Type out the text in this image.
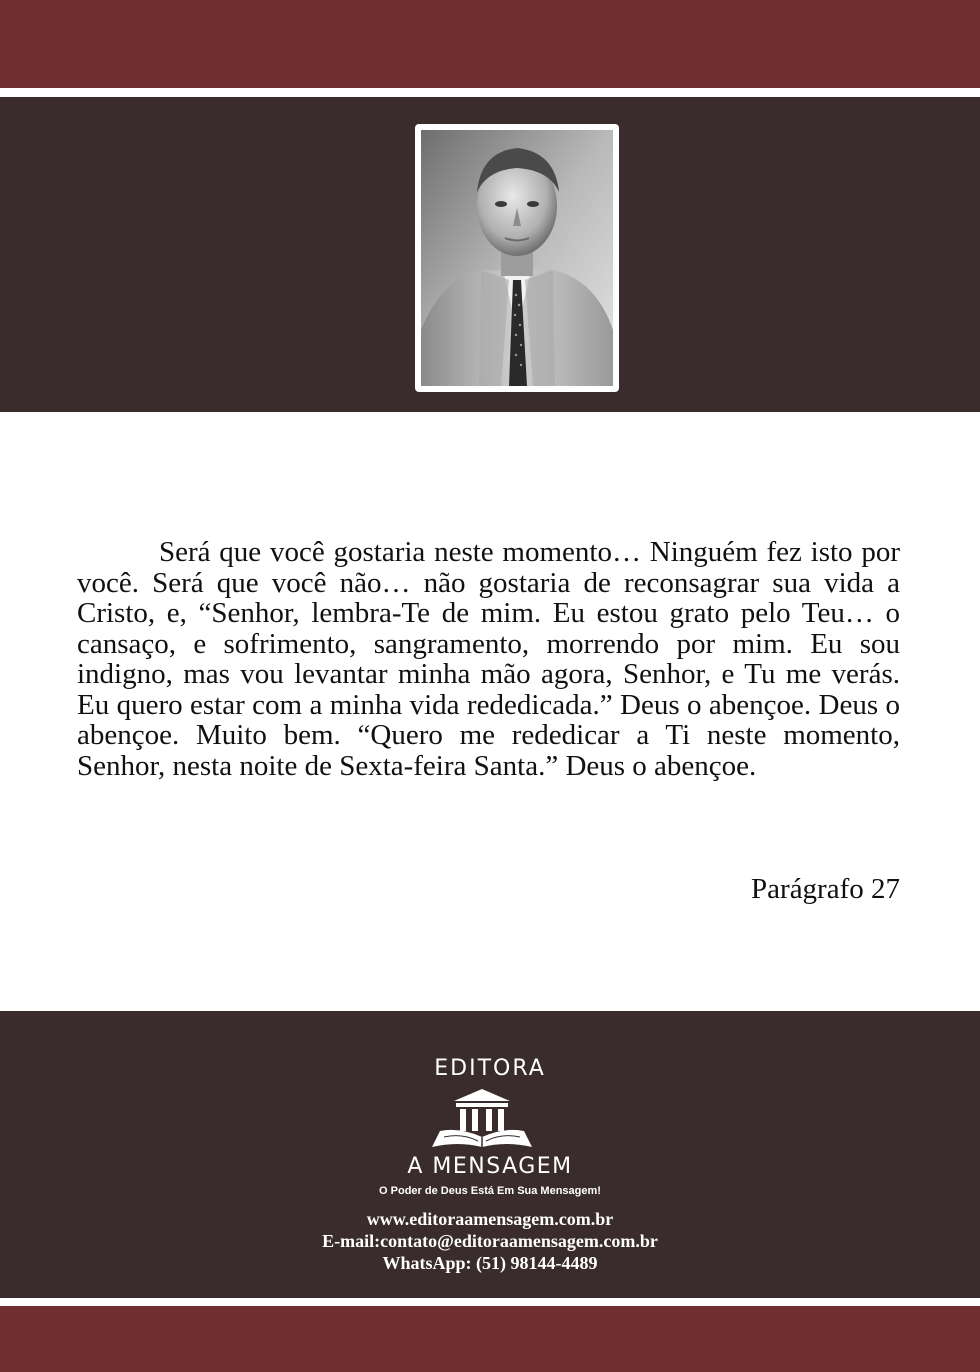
Será que você gostaria neste momento… Ninguém fez isto por você. Será que você não… não gostaria de reconsagrar sua vida a Cristo, e, “Senhor, lembra-Te de mim. Eu estou grato pelo Teu… o cansaço, e sofrimento, sangramento, morrendo por mim. Eu sou indigno, mas vou levantar minha mão agora, Senhor, e Tu me verás. Eu quero estar com a minha vida rededicada.” Deus o abençoe. Deus o abençoe. Muito bem. “Quero me rededicar a Ti neste momento, Senhor, nesta noite de Sexta-feira Santa.” Deus o abençoe.

Parágrafo 27

EDITORA
A MENSAGEM
O Poder de Deus Está Em Sua Mensagem!
www.editoraamensagem.com.br
E-mail:contato@editoraamensagem.com.br
WhatsApp: (51) 98144-4489
